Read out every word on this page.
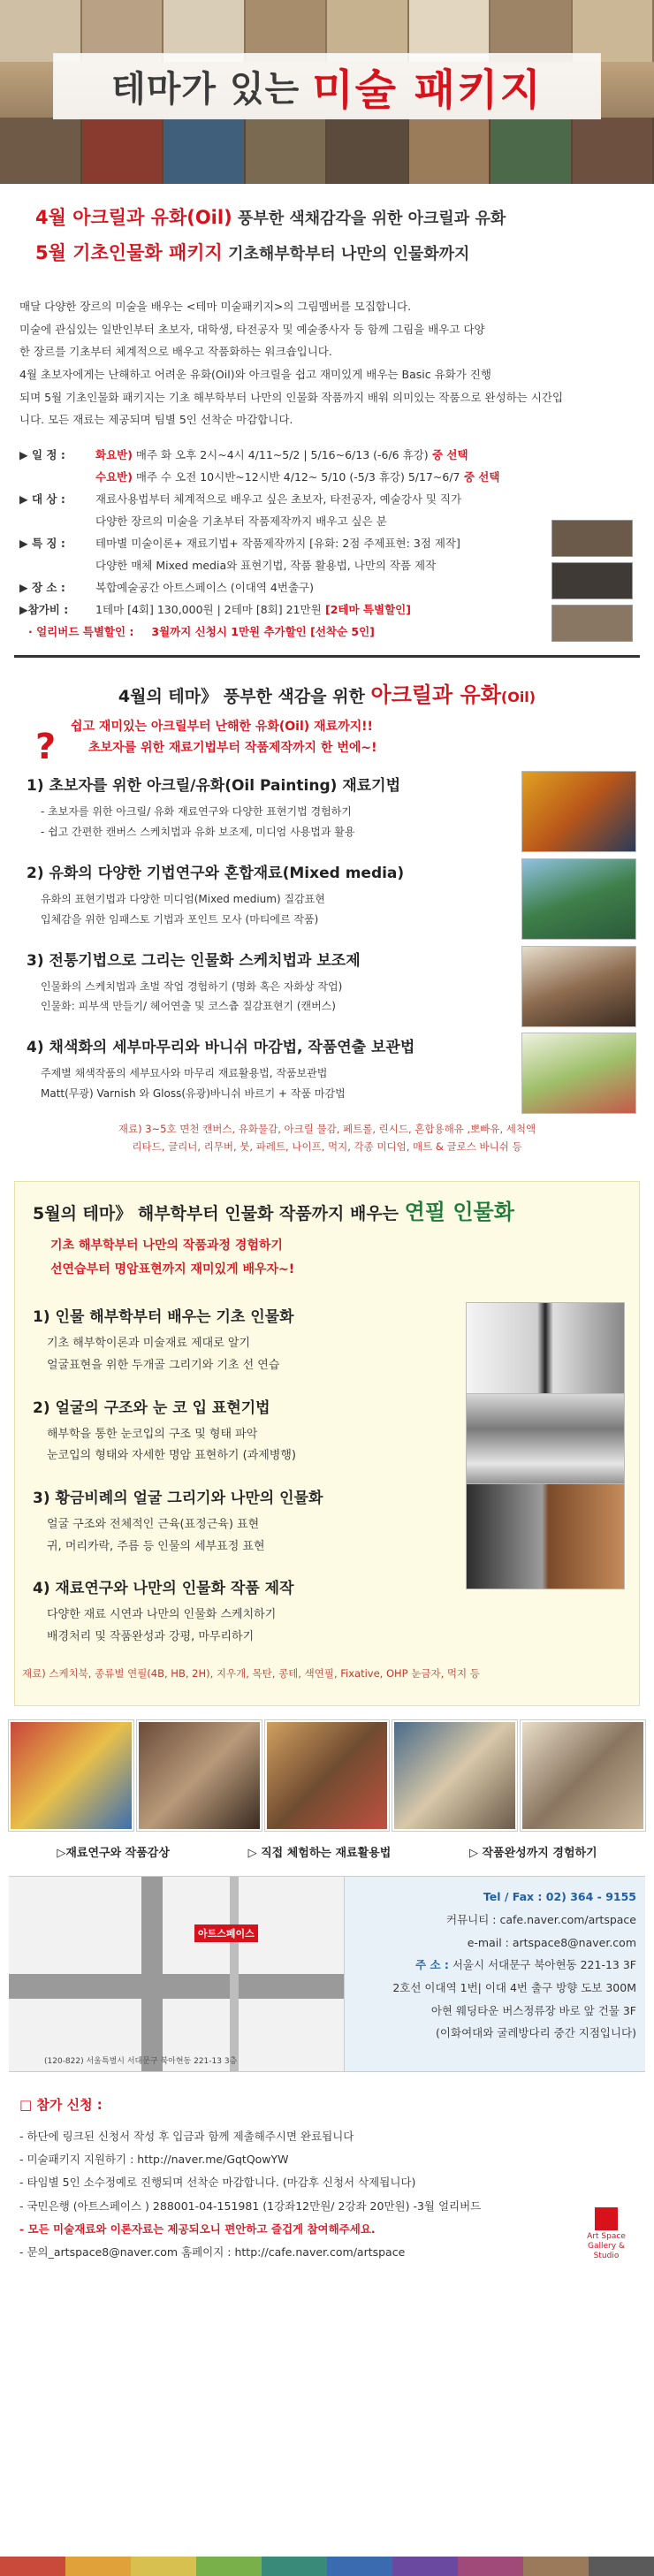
테마가 있는 미술 패키지
4월 아크릴과 유화(Oil) 풍부한 색채감각을 위한 아크릴과 유화
5월 기초인물화 패키지 기초해부학부터 나만의 인물화까지
매달 다양한 장르의 미술을 배우는 <테마 미술패키지>의 그림멤버를 모집합니다.
미술에 관심있는 일반인부터 초보자, 대학생, 타전공자 및 예술종사자 등 함께 그림을 배우고 다양
한 장르를 기초부터 체계적으로 배우고 작품화하는 워크숍입니다.
4월 초보자에게는 난해하고 어려운 유화(Oil)와 아크릴을 쉽고 재미있게 배우는 Basic 유화가 진행
되며 5월 기초인물화 패키지는 기초 해부학부터 나만의 인물화 작품까지 배워 의미있는 작품으로 완성하는 시간입
니다. 모든 재료는 제공되며 팀별 5인 선착순 마감합니다.
▶ 일 정 :	화요반) 매주 화 오후 2시~4시 4/11~5/2 | 5/16~6/13 (-6/6 휴강) 중 선택
수요반) 매주 수 오전 10시반~12시반 4/12~ 5/10 (-5/3 휴강) 5/17~6/7 중 선택
▶ 대 상 :	재료사용법부터 체계적으로 배우고 싶은 초보자, 타전공자, 예술강사 및 직가
다양한 장르의 미술을 기초부터 작품제작까지 배우고 싶은 분
▶ 특 징 :	테마별 미술이론+ 재료기법+ 작품제작까지 [유화: 2점 주제표현: 3점 제작]
다양한 매체 Mixed media와 표현기법, 작품 활용법, 나만의 작품 제작
▶ 장 소 :	복합예술공간 아트스페이스 (이대역 4번출구)
▶참가비 :	1테마 [4회] 130,000원 | 2테마 [8회] 21만원 [2테마 특별할인]
· 얼리버드 특별할인 : 3월까지 신청시 1만원 추가할인 [선착순 5인]
4월의 테마》 풍부한 색감을 위한 아크릴과 유화(Oil)
? 쉽고 재미있는 아크릴부터 난해한 유화(Oil) 재료까지!!
초보자를 위한 재료기법부터 작품제작까지 한 번에~!
1) 초보자를 위한 아크릴/유화(Oil Painting) 재료기법

- 초보자를 위한 아크릴/ 유화 재료연구와 다양한 표현기법 경험하기

- 쉽고 간편한 캔버스 스케치법과 유화 보조제, 미디엄 사용법과 활용

2) 유화의 다양한 기법연구와 혼합재료(Mixed media)

유화의 표현기법과 다양한 미디엄(Mixed medium) 질감표현

입체감을 위한 임패스토 기법과 포인트 모사 (마티에르 작품)

3) 전통기법으로 그리는 인물화 스케치법과 보조제

인물화의 스케치법과 초벌 작업 경험하기 (명화 혹은 자화상 작업)

인물화: 피부색 만들기/ 헤어연출 및 코스츔 질감표현기 (캔버스)

4) 채색화의 세부마무리와 바니쉬 마감법, 작품연출 보관법

주제별 채색작품의 세부묘사와 마무리 재료활용법, 작품보관법

Matt(무광) Varnish 와 Gloss(유광)바니쉬 바르기 + 작품 마감법

재료) 3~5호 면천 캔버스, 유화물감, 아크릴 물감, 페트롤, 린시드, 혼합용해유 ,뽀빠유, 세척액
리타드, 글리너, 리무버, 붓, 파레트, 나이프, 먹지, 각종 미디엄, 매트 & 글로스 바니쉬 등
5월의 테마》 해부학부터 인물화 작품까지 배우는 연필 인물화
기초 해부학부터 나만의 작품과정 경험하기
선연습부터 명암표현까지 재미있게 배우자~!
1) 인물 해부학부터 배우는 기초 인물화

기초 해부학이론과 미술재료 제대로 알기

얼굴표현을 위한 두개골 그리기와 기초 선 연습

2) 얼굴의 구조와 눈 코 입 표현기법

해부학을 통한 눈코입의 구조 및 형태 파악

눈코입의 형태와 자세한 명암 표현하기 (과제병행)

3) 황금비례의 얼굴 그리기와 나만의 인물화

얼굴 구조와 전체적인 근육(표정근육) 표현

귀, 머리카락, 주름 등 인물의 세부표정 표현

4) 재료연구와 나만의 인물화 작품 제작

다양한 재료 시연과 나만의 인물화 스케치하기

배경처리 및 작품완성과 강평, 마무리하기

재료) 스케치북, 종류별 연필(4B, HB, 2H), 지우개, 목탄, 콩테, 색연필, Fixative, OHP 눈금자, 먹지 등
▷재료연구와 작품감상	▷ 직접 체험하는 재료활용법	▷ 작품완성까지 경험하기
아트스페이스
(120-822) 서울특별시 서대문구 북아현동 221-13 3층
Tel / Fax : 02) 364 - 9155
커뮤니티 : cafe.naver.com/artspace
e-mail : artspace8@naver.com
주 소 : 서울시 서대문구 북아현동 221-13 3F
2호선 이대역 1번| 이대 4번 출구 방향 도보 300M
아현 웨딩타운 버스정류장 바로 앞 건물 3F
(이화여대와 굴레방다리 중간 지점입니다)
□ 참가 신청 :
- 하단에 링크된 신청서 작성 후 입금과 함께 제출해주시면 완료됩니다
- 미술패키지 지원하기 : http://naver.me/GqtQowYW
- 타임별 5인 소수정예로 진행되며 선착순 마감합니다. (마감후 신청서 삭제됩니다)
- 국민은행 (아트스페이스 ) 288001-04-151981 (1강좌12만원/ 2강좌 20만원) -3월 얼리버드
- 모든 미술재료와 이론자료는 제공되오니 편안하고 즐겁게 참여해주세요.
- 문의_artspace8@naver.com 홈페이지 : http://cafe.naver.com/artspace
Art Space Gallery & Studio
